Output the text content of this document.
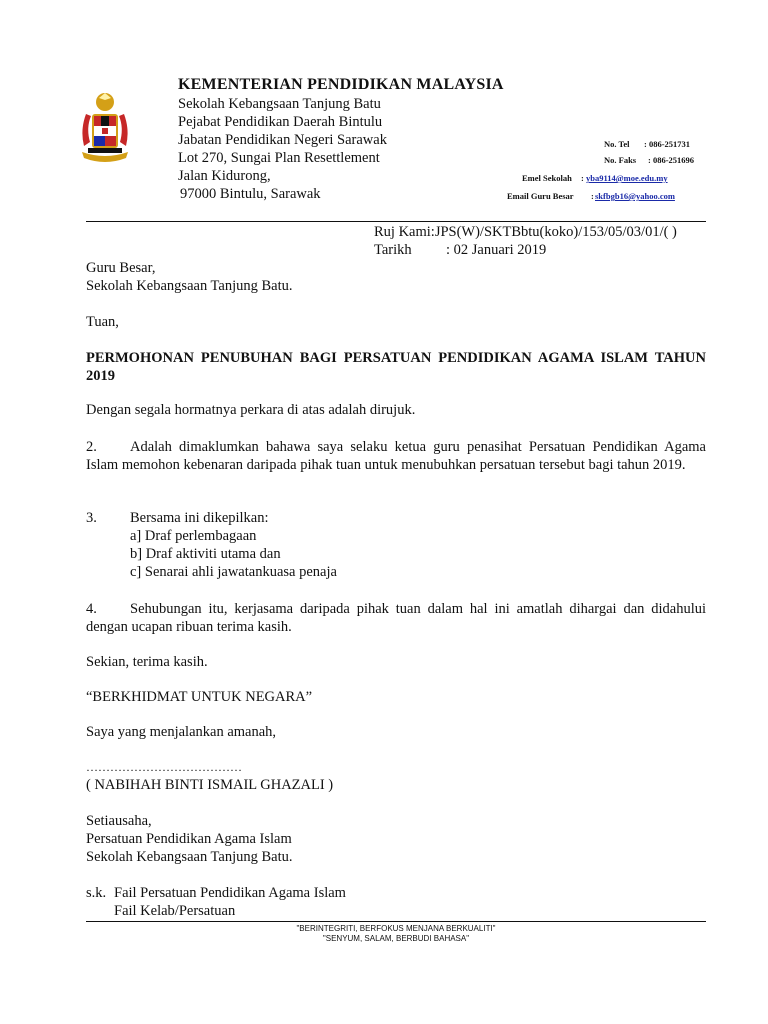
KEMENTERIAN PENDIDIKAN MALAYSIA
Sekolah Kebangsaan Tanjung Batu
Pejabat Pendidikan Daerah Bintulu
Jabatan Pendidikan Negeri Sarawak
Lot 270, Sungai Plan Resettlement
Jalan Kidurong,
97000 Bintulu, Sarawak
No. Tel : 086-251731
No. Faks : 086-251696
Emel Sekolah : yba9114@moe.edu.my
Email Guru Besar : skfbgb16@yahoo.com
Ruj Kami:JPS(W)/SKTBbtu(koko)/153/05/03/01/( )
Tarikh : 02 Januari 2019
Guru Besar,
Sekolah Kebangsaan Tanjung Batu.
Tuan,
PERMOHONAN PENUBUHAN BAGI PERSATUAN PENDIDIKAN AGAMA ISLAM TAHUN 2019
Dengan segala hormatnya perkara di atas adalah dirujuk.
2. Adalah dimaklumkan bahawa saya selaku ketua guru penasihat Persatuan Pendidikan Agama Islam memohon kebenaran daripada pihak tuan untuk menubuhkan persatuan tersebut bagi tahun 2019.
3. Bersama ini dikepilkan:
a] Draf perlembagaan
b] Draf aktiviti utama dan
c] Senarai ahli jawatankuasa penaja
4. Sehubungan itu, kerjasama daripada pihak tuan dalam hal ini amatlah dihargai dan didahului dengan ucapan ribuan terima kasih.
Sekian, terima kasih.
“BERKHIDMAT UNTUK NEGARA”
Saya yang menjalankan amanah,
…………………………………
( NABIHAH BINTI ISMAIL GHAZALI )
Setiausaha,
Persatuan Pendidikan Agama Islam
Sekolah Kebangsaan Tanjung Batu.
s.k. Fail Persatuan Pendidikan Agama Islam
Fail Kelab/Persatuan
"BERINTEGRITI, BERFOKUS MENJANA BERKUALITI"
"SENYUM, SALAM, BERBUDI BAHASA"
